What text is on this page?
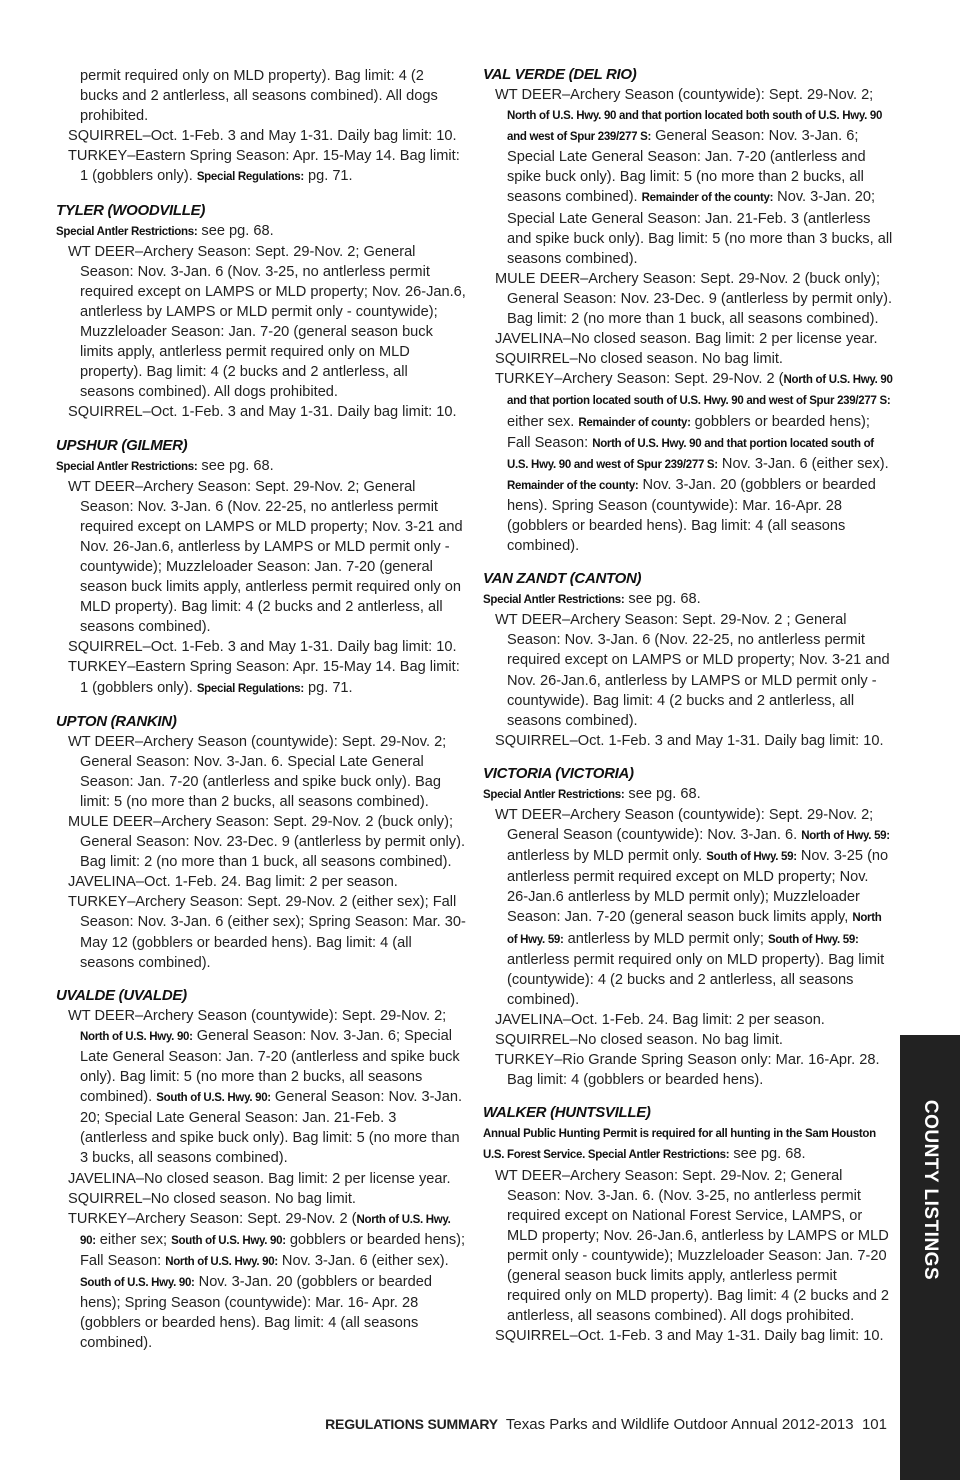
permit required only on MLD property). Bag limit: 4 (2 bucks and 2 antlerless, all seasons combined). All dogs prohibited.

SQUIRREL–Oct. 1-Feb. 3 and May 1-31. Daily bag limit: 10.

TURKEY–Eastern Spring Season: Apr. 15-May 14. Bag limit: 1 (gobblers only). Special Regulations: pg. 71.

TYLER (WOODVILLE)

Special Antler Restrictions: see pg. 68.

WT DEER–Archery Season: Sept. 29-Nov. 2; General Season: Nov. 3-Jan. 6 (Nov. 3-25, no antlerless permit required except on LAMPS or MLD property; Nov. 26-Jan.6, antlerless by LAMPS or MLD permit only - countywide); Muzzleloader Season: Jan. 7-20 (general season buck limits apply, antlerless permit required only on MLD property). Bag limit: 4 (2 bucks and 2 antlerless, all seasons combined). All dogs prohibited.

SQUIRREL–Oct. 1-Feb. 3 and May 1-31. Daily bag limit: 10.

UPSHUR (GILMER)

Special Antler Restrictions: see pg. 68.

WT DEER–Archery Season: Sept. 29-Nov. 2; General Season: Nov. 3-Jan. 6 (Nov. 22-25, no antlerless permit required except on LAMPS or MLD property; Nov. 3-21 and Nov. 26-Jan.6, antlerless by LAMPS or MLD permit only - countywide); Muzzleloader Season: Jan. 7-20 (general season buck limits apply, antlerless permit required only on MLD property). Bag limit: 4 (2 bucks and 2 antlerless, all seasons combined).

SQUIRREL–Oct. 1-Feb. 3 and May 1-31. Daily bag limit: 10.

TURKEY–Eastern Spring Season: Apr. 15-May 14. Bag limit: 1 (gobblers only). Special Regulations: pg. 71.

UPTON (RANKIN)

WT DEER–Archery Season (countywide): Sept. 29-Nov. 2; General Season: Nov. 3-Jan. 6. Special Late General Season: Jan. 7-20 (antlerless and spike buck only). Bag limit: 5 (no more than 2 bucks, all seasons combined).

MULE DEER–Archery Season: Sept. 29-Nov. 2 (buck only); General Season: Nov. 23-Dec. 9 (antlerless by permit only). Bag limit: 2 (no more than 1 buck, all seasons combined).

JAVELINA–Oct. 1-Feb. 24. Bag limit: 2 per season.

TURKEY–Archery Season: Sept. 29-Nov. 2 (either sex); Fall Season: Nov. 3-Jan. 6 (either sex); Spring Season: Mar. 30-May 12 (gobblers or bearded hens). Bag limit: 4 (all seasons combined).

UVALDE (UVALDE)

WT DEER–Archery Season (countywide): Sept. 29-Nov. 2; North of U.S. Hwy. 90: General Season: Nov. 3-Jan. 6; Special Late General Season: Jan. 7-20 (antlerless and spike buck only). Bag limit: 5 (no more than 2 bucks, all seasons combined). South of U.S. Hwy. 90: General Season: Nov. 3-Jan. 20; Special Late General Season: Jan. 21-Feb. 3 (antlerless and spike buck only). Bag limit: 5 (no more than 3 bucks, all seasons combined).

JAVELINA–No closed season. Bag limit: 2 per license year.

SQUIRREL–No closed season. No bag limit.

TURKEY–Archery Season: Sept. 29-Nov. 2 (North of U.S. Hwy. 90: either sex; South of U.S. Hwy. 90: gobblers or bearded hens); Fall Season: North of U.S. Hwy. 90: Nov. 3-Jan. 6 (either sex). South of U.S. Hwy. 90: Nov. 3-Jan. 20 (gobblers or bearded hens); Spring Season (countywide): Mar. 16- Apr. 28 (gobblers or bearded hens). Bag limit: 4 (all seasons combined).

VAL VERDE (DEL RIO)

WT DEER–Archery Season (countywide): Sept. 29-Nov. 2; North of U.S. Hwy. 90 and that portion located both south of U.S. Hwy. 90 and west of Spur 239/277 S: General Season: Nov. 3-Jan. 6; Special Late General Season: Jan. 7-20 (antlerless and spike buck only). Bag limit: 5 (no more than 2 bucks, all seasons combined). Remainder of the county: Nov. 3-Jan. 20; Special Late General Season: Jan. 21-Feb. 3 (antlerless and spike buck only). Bag limit: 5 (no more than 3 bucks, all seasons combined).

MULE DEER–Archery Season: Sept. 29-Nov. 2 (buck only); General Season: Nov. 23-Dec. 9 (antlerless by permit only). Bag limit: 2 (no more than 1 buck, all seasons combined).

JAVELINA–No closed season. Bag limit: 2 per license year.

SQUIRREL–No closed season. No bag limit.

TURKEY–Archery Season: Sept. 29-Nov. 2 (North of U.S. Hwy. 90 and that portion located south of U.S. Hwy. 90 and west of Spur 239/277 S: either sex. Remainder of county: gobblers or bearded hens); Fall Season: North of U.S. Hwy. 90 and that portion located south of U.S. Hwy. 90 and west of Spur 239/277 S: Nov. 3-Jan. 6 (either sex). Remainder of the county: Nov. 3-Jan. 20 (gobblers or bearded hens). Spring Season (countywide): Mar. 16-Apr. 28 (gobblers or bearded hens). Bag limit: 4 (all seasons combined).

VAN ZANDT (CANTON)

Special Antler Restrictions: see pg. 68.

WT DEER–Archery Season: Sept. 29-Nov. 2 ; General Season: Nov. 3-Jan. 6 (Nov. 22-25, no antlerless permit required except on LAMPS or MLD property; Nov. 3-21 and Nov. 26-Jan.6, antlerless by LAMPS or MLD permit only - countywide). Bag limit: 4 (2 bucks and 2 antlerless, all seasons combined).

SQUIRREL–Oct. 1-Feb. 3 and May 1-31. Daily bag limit: 10.

VICTORIA (VICTORIA)

Special Antler Restrictions: see pg. 68.

WT DEER–Archery Season (countywide): Sept. 29-Nov. 2; General Season (countywide): Nov. 3-Jan. 6. North of Hwy. 59: antlerless by MLD permit only. South of Hwy. 59: Nov. 3-25 (no antlerless permit required except on MLD property; Nov. 26-Jan.6 antlerless by MLD permit only); Muzzleloader Season: Jan. 7-20 (general season buck limits apply, North of Hwy. 59: antlerless by MLD permit only; South of Hwy. 59: antlerless permit required only on MLD property). Bag limit (countywide): 4 (2 bucks and 2 antlerless, all seasons combined).

JAVELINA–Oct. 1-Feb. 24. Bag limit: 2 per season.

SQUIRREL–No closed season. No bag limit.

TURKEY–Rio Grande Spring Season only: Mar. 16-Apr. 28. Bag limit: 4 (gobblers or bearded hens).

WALKER (HUNTSVILLE)

Annual Public Hunting Permit is required for all hunting in the Sam Houston U.S. Forest Service. Special Antler Restrictions: see pg. 68.

WT DEER–Archery Season: Sept. 29-Nov. 2; General Season: Nov. 3-Jan. 6. (Nov. 3-25, no antlerless permit required except on National Forest Service, LAMPS, or MLD property; Nov. 26-Jan.6, antlerless by LAMPS or MLD permit only - countywide); Muzzleloader Season: Jan. 7-20 (general season buck limits apply, antlerless permit required only on MLD property). Bag limit: 4 (2 bucks and 2 antlerless, all seasons combined). All dogs prohibited.

SQUIRREL–Oct. 1-Feb. 3 and May 1-31. Daily bag limit: 10.

COUNTY LISTINGS
REGULATIONS SUMMARY Texas Parks and Wildlife Outdoor Annual 2012-2013 101
